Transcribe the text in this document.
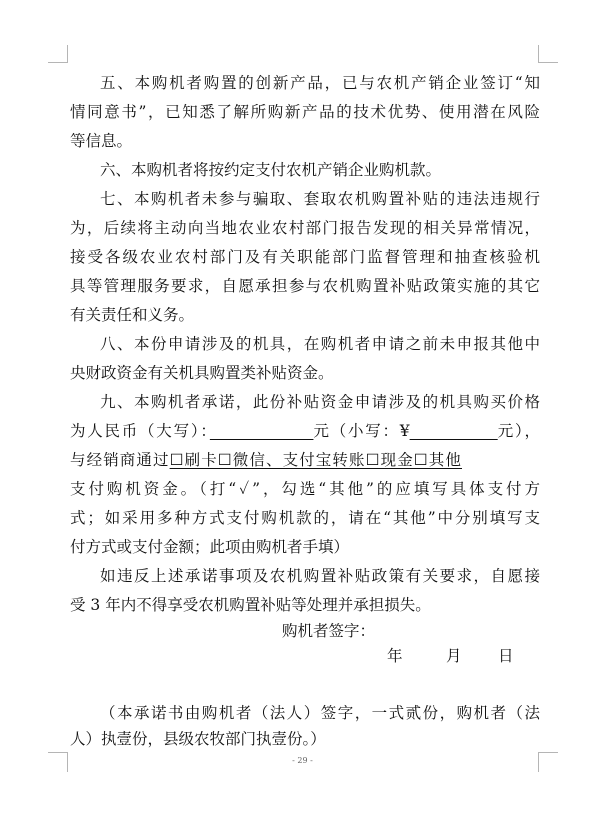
五、本购机者购置的创新产品，已与农机产销企业签订“知
情同意书”，已知悉了解所购新产品的技术优势、使用潜在风险
等信息。
六、本购机者将按约定支付农机产销企业购机款。
七、本购机者未参与骗取、套取农机购置补贴的违法违规行
为，后续将主动向当地农业农村部门报告发现的相关异常情况，
接受各级农业农村部门及有关职能部门监督管理和抽查核验机
具等管理服务要求，自愿承担参与农机购置补贴政策实施的其它
有关责任和义务。
八、本份申请涉及的机具，在购机者申请之前未申报其他中
央财政资金有关机具购置类补贴资金。
九、本购机者承诺，此份补贴资金申请涉及的机具购买价格
为人民币（大写）：　　　　　　	元（小写：¥　　　　　	元），
与经销商通过☐刷卡☐微信、支付宝转账☐现金☐其他
支付购机资金。（打“✓”，勾选“其他”的应填写具体支付方
式；如采用多种方式支付购机款的，请在“其他”中分别填写支
付方式或支付金额；此项由购机者手填）
如违反上述承诺事项及农机购置补贴政策有关要求，自愿接
受 3 年内不得享受农机购置补贴等处理并承担损失。
购机者签字：
年	月 日
（本承诺书由购机者（法人）签字，一式贰份，购机者（法
人）执壹份，县级农牧部门执壹份。）
- 29 -
